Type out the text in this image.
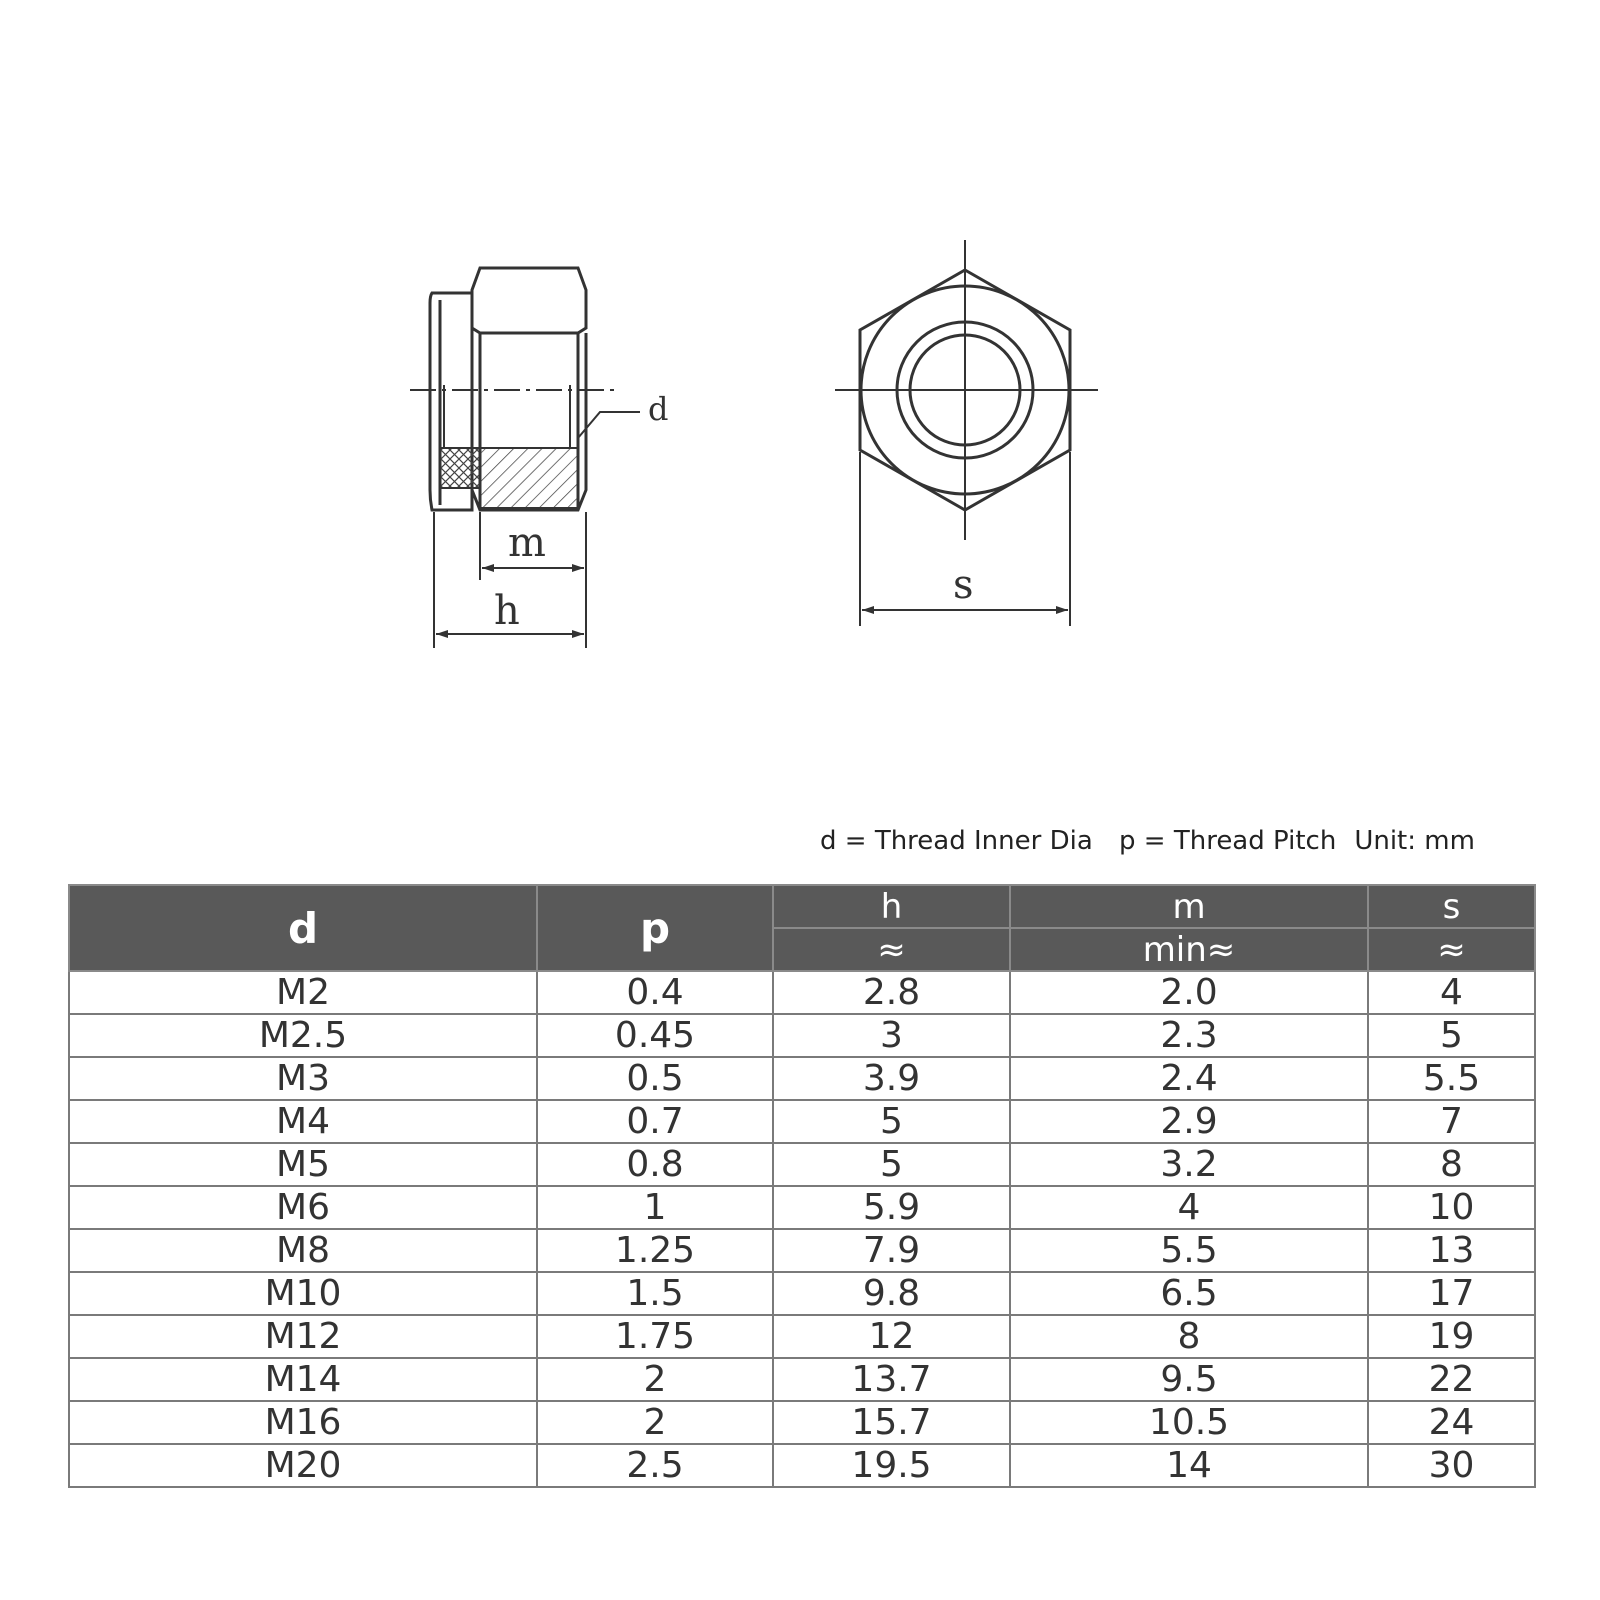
d
m
h
s
d = Thread Inner Dia p = Thread Pitch Unit: mm
d	p	h	m	s
		≈	min≈	≈
M2	0.4	2.8	2.0	4
M2.5	0.45	3	2.3	5
M3	0.5	3.9	2.4	5.5
M4	0.7	5	2.9	7
M5	0.8	5	3.2	8
M6	1	5.9	4	10
M8	1.25	7.9	5.5	13
M10	1.5	9.8	6.5	17
M12	1.75	12	8	19
M14	2	13.7	9.5	22
M16	2	15.7	10.5	24
M20	2.5	19.5	14	30
